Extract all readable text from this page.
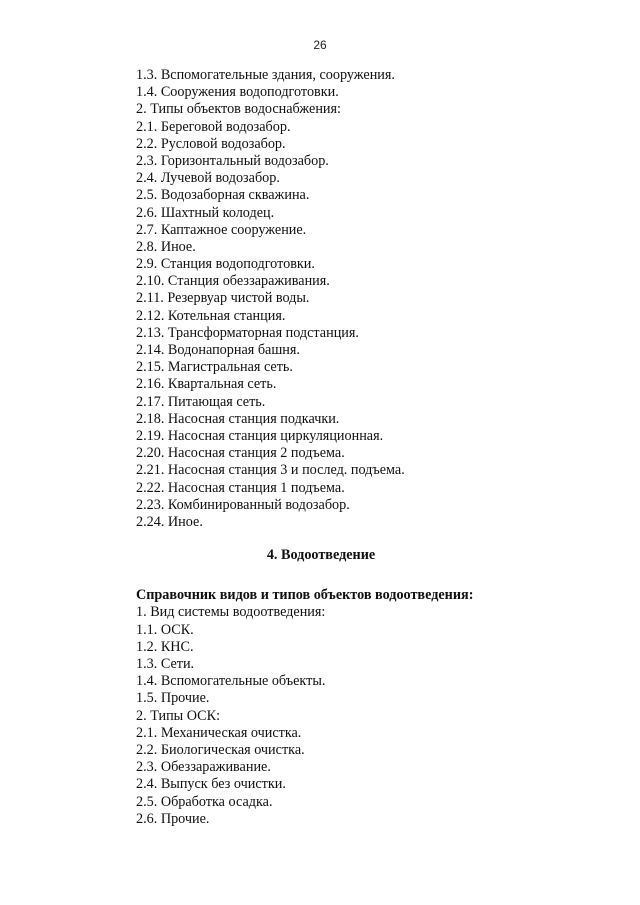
26
1.3. Вспомогательные здания, сооружения.
1.4. Сооружения водоподготовки.
2. Типы объектов водоснабжения:
2.1. Береговой водозабор.
2.2. Русловой водозабор.
2.3. Горизонтальный водозабор.
2.4. Лучевой водозабор.
2.5. Водозаборная скважина.
2.6. Шахтный колодец.
2.7. Каптажное сооружение.
2.8. Иное.
2.9. Станция водоподготовки.
2.10. Станция обеззараживания.
2.11. Резервуар чистой воды.
2.12. Котельная станция.
2.13. Трансформаторная подстанция.
2.14. Водонапорная башня.
2.15. Магистральная сеть.
2.16. Квартальная сеть.
2.17. Питающая сеть.
2.18. Насосная станция подкачки.
2.19. Насосная станция циркуляционная.
2.20. Насосная станция 2 подъема.
2.21. Насосная станция 3 и послед. подъема.
2.22. Насосная станция 1 подъема.
2.23. Комбинированный водозабор.
2.24. Иное.
4. Водоотведение
Справочник видов и типов объектов водоотведения:
1. Вид системы водоотведения:
1.1. ОСК.
1.2. КНС.
1.3. Сети.
1.4. Вспомогательные объекты.
1.5. Прочие.
2. Типы ОСК:
2.1. Механическая очистка.
2.2. Биологическая очистка.
2.3. Обеззараживание.
2.4. Выпуск без очистки.
2.5. Обработка осадка.
2.6. Прочие.
